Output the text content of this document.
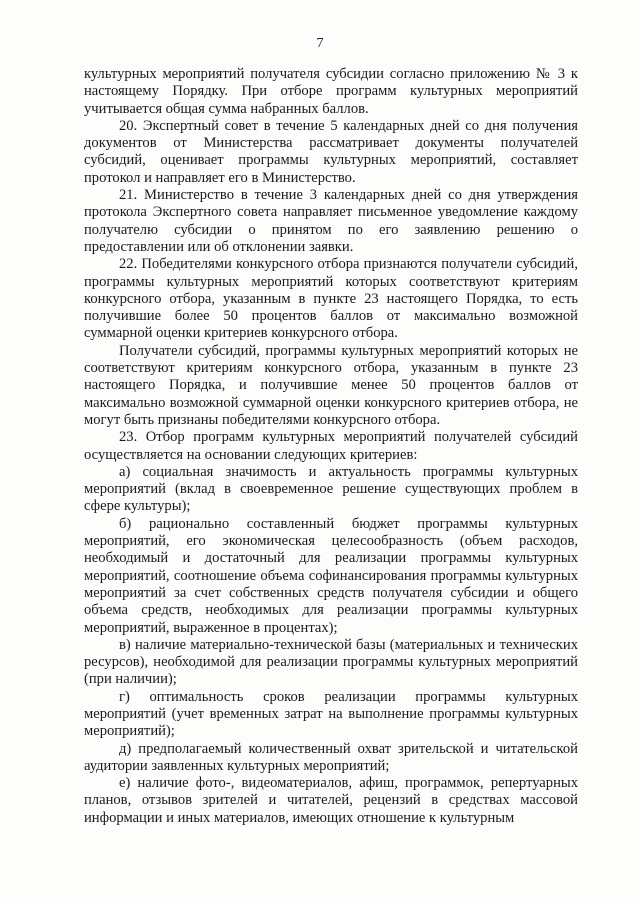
7

культурных мероприятий получателя субсидии согласно приложению № 3 к настоящему Порядку. При отборе программ культурных мероприятий учитывается общая сумма набранных баллов.

20. Экспертный совет в течение 5 календарных дней со дня получения документов от Министерства рассматривает документы получателей субсидий, оценивает программы культурных мероприятий, составляет протокол и направляет его в Министерство.

21. Министерство в течение 3 календарных дней со дня утверждения протокола Экспертного совета направляет письменное уведомление каждому получателю субсидии о принятом по его заявлению решению о предоставлении или об отклонении заявки.

22. Победителями конкурсного отбора признаются получатели субсидий, программы культурных мероприятий которых соответствуют критериям конкурсного отбора, указанным в пункте 23 настоящего Порядка, то есть получившие более 50 процентов баллов от максимально возможной суммарной оценки критериев конкурсного отбора.

Получатели субсидий, программы культурных мероприятий которых не соответствуют критериям конкурсного отбора, указанным в пункте 23 настоящего Порядка, и получившие менее 50 процентов баллов от максимально возможной суммарной оценки конкурсного критериев отбора, не могут быть признаны победителями конкурсного отбора.

23. Отбор программ культурных мероприятий получателей субсидий осуществляется на основании следующих критериев:

а) социальная значимость и актуальность программы культурных мероприятий (вклад в своевременное решение существующих проблем в сфере культуры);

б) рационально составленный бюджет программы культурных мероприятий, его экономическая целесообразность (объем расходов, необходимый и достаточный для реализации программы культурных мероприятий, соотношение объема софинансирования программы культурных мероприятий за счет собственных средств получателя субсидии и общего объема средств, необходимых для реализации программы культурных мероприятий, выраженное в процентах);

в) наличие материально-технической базы (материальных и технических ресурсов), необходимой для реализации программы культурных мероприятий (при наличии);

г) оптимальность сроков реализации программы культурных мероприятий (учет временных затрат на выполнение программы культурных мероприятий);

д) предполагаемый количественный охват зрительской и читательской аудитории заявленных культурных мероприятий;

е) наличие фото-, видеоматериалов, афиш, программок, репертуарных планов, отзывов зрителей и читателей, рецензий в средствах массовой информации и иных материалов, имеющих отношение к культурным
